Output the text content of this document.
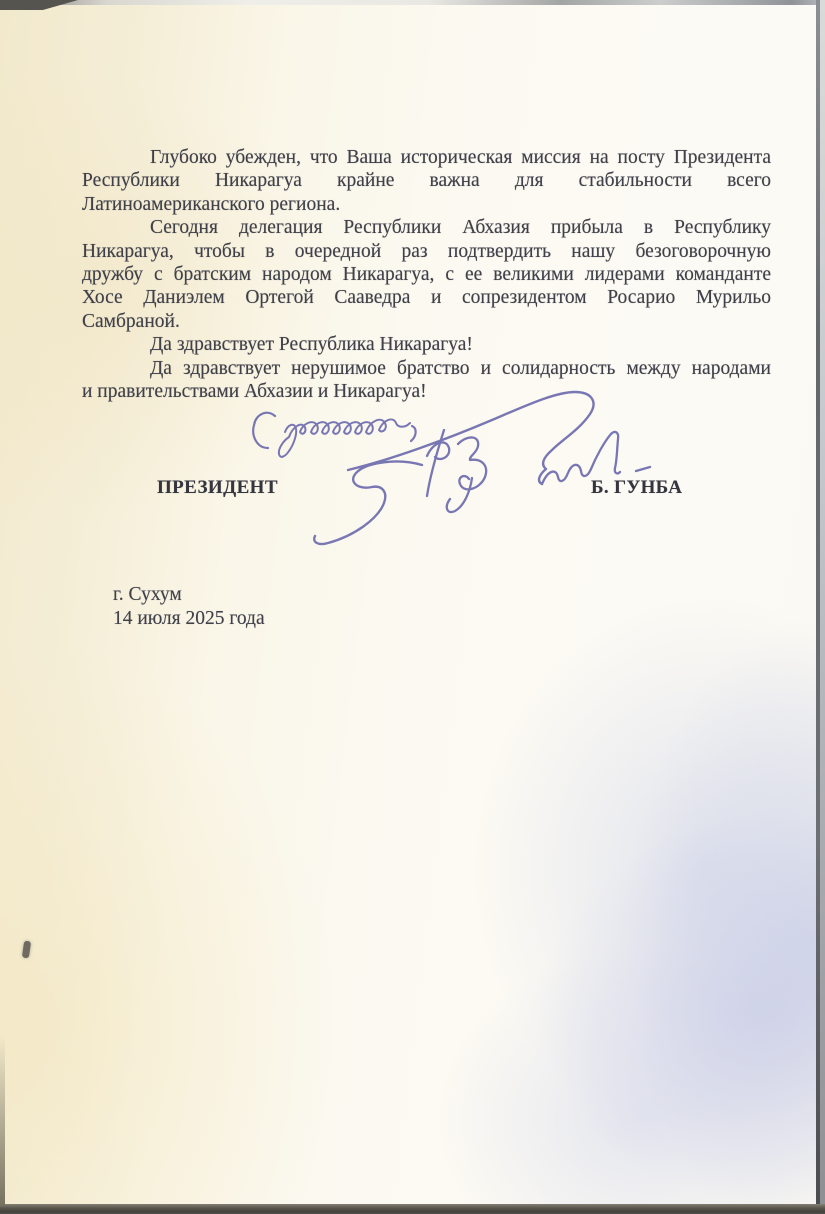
Глубоко убежден, что Ваша историческая миссия на посту Президента
Республики Никарагуа крайне важна для стабильности всего
Латиноамериканского региона.

Сегодня делегация Республики Абхазия прибыла в Республику
Никарагуа, чтобы в очередной раз подтвердить нашу безоговорочную
дружбу с братским народом Никарагуа, с ее великими лидерами команданте
Хосе Даниэлем Ортегой Сааведра и сопрезидентом Росарио Мурильо
Самбраной.

Да здравствует Республика Никарагуа!

Да здравствует нерушимое братство и солидарность между народами
и правительствами Абхазии и Никарагуа!

ПРЕЗИДЕНТ	Б. ГУНБА
г. Сухум
14 июля 2025 года
